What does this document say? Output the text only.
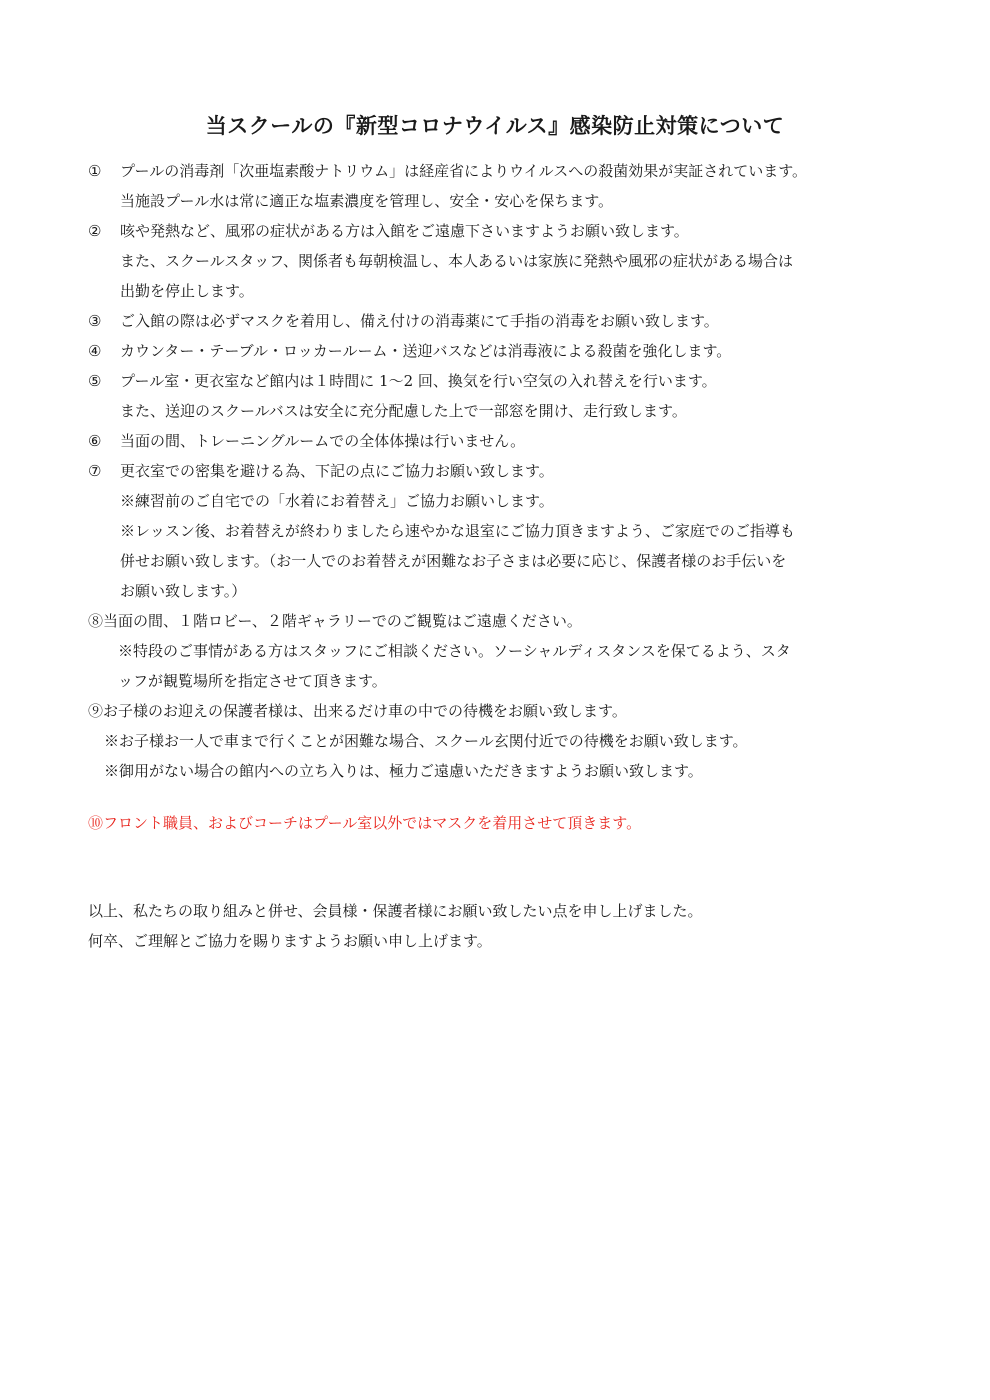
当スクールの『新型コロナウイルス』感染防止対策について
① プールの消毒剤「次亜塩素酸ナトリウム」は経産省によりウイルスへの殺菌効果が実証されています。
当施設プール水は常に適正な塩素濃度を管理し、安全・安心を保ちます。
② 咳や発熱など、風邪の症状がある方は入館をご遠慮下さいますようお願い致します。
また、スクールスタッフ、関係者も毎朝検温し、本人あるいは家族に発熱や風邪の症状がある場合は
出勤を停止します。
③ ご入館の際は必ずマスクを着用し、備え付けの消毒薬にて手指の消毒をお願い致します。
④ カウンター・テーブル・ロッカールーム・送迎バスなどは消毒液による殺菌を強化します。
⑤ プール室・更衣室など館内は１時間に 1〜2 回、換気を行い空気の入れ替えを行います。
また、送迎のスクールバスは安全に充分配慮した上で一部窓を開け、走行致します。
⑥ 当面の間、トレーニングルームでの全体体操は行いません。
⑦ 更衣室での密集を避ける為、下記の点にご協力お願い致します。
※練習前のご自宅での「水着にお着替え」ご協力お願いします。
※レッスン後、お着替えが終わりましたら速やかな退室にご協力頂きますよう、ご家庭でのご指導も
併せお願い致します。（お一人でのお着替えが困難なお子さまは必要に応じ、保護者様のお手伝いを
お願い致します。）
⑧当面の間、１階ロビー、２階ギャラリーでのご観覧はご遠慮ください。
※特段のご事情がある方はスタッフにご相談ください。ソーシャルディスタンスを保てるよう、スタ
ッフが観覧場所を指定させて頂きます。
⑨お子様のお迎えの保護者様は、出来るだけ車の中での待機をお願い致します。
※お子様お一人で車まで行くことが困難な場合、スクール玄関付近での待機をお願い致します。
※御用がない場合の館内への立ち入りは、極力ご遠慮いただきますようお願い致します。
⑩フロント職員、およびコーチはプール室以外ではマスクを着用させて頂きます。
以上、私たちの取り組みと併せ、会員様・保護者様にお願い致したい点を申し上げました。
何卒、ご理解とご協力を賜りますようお願い申し上げます。
